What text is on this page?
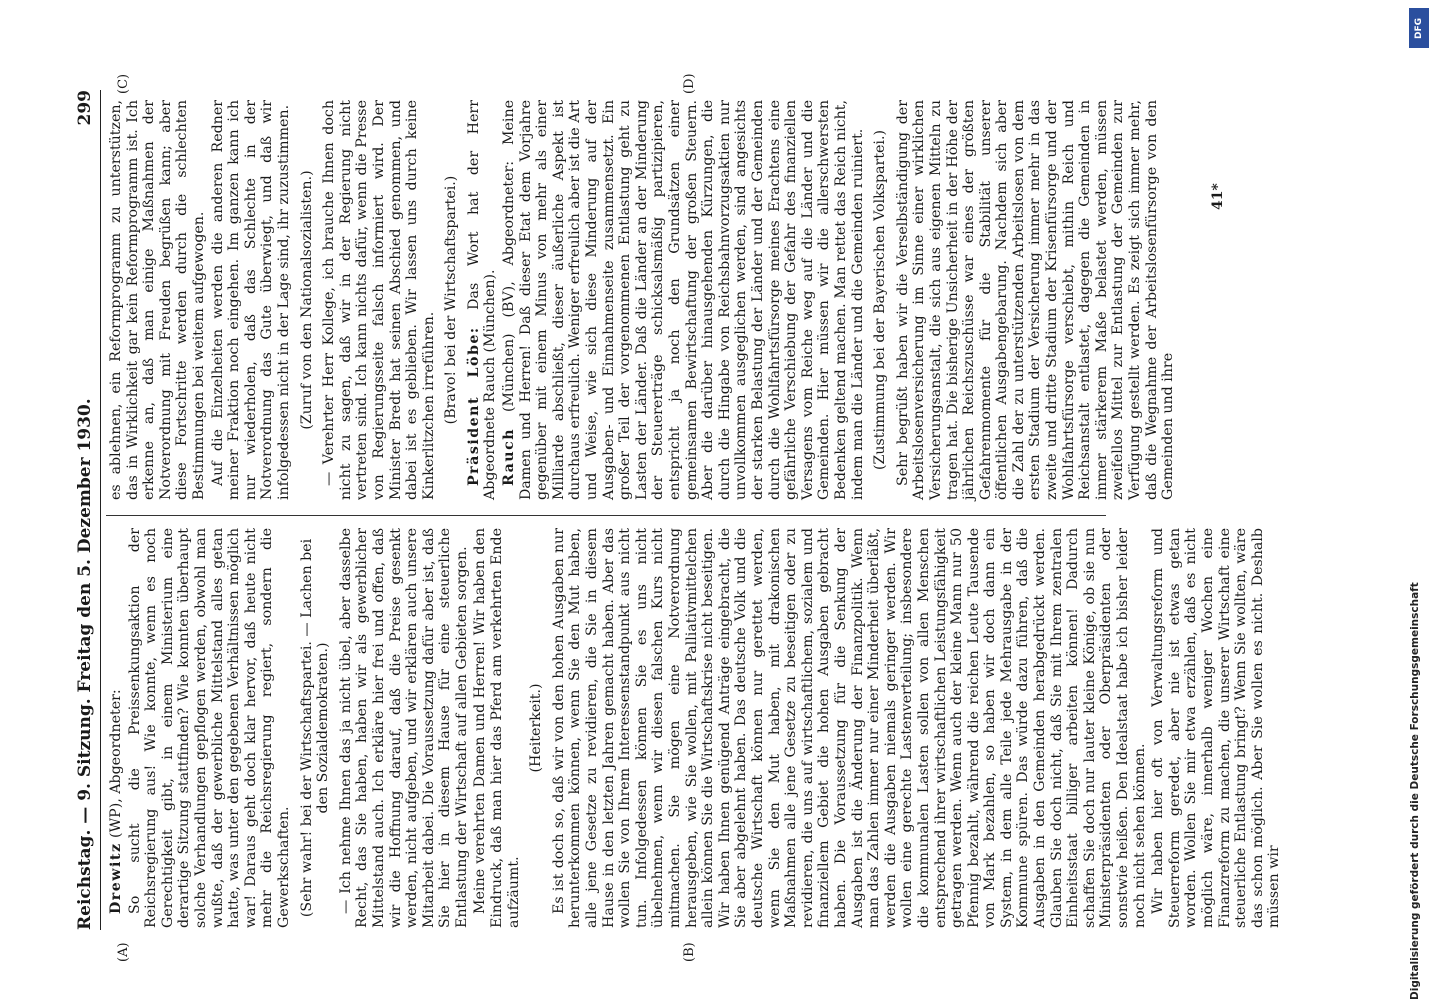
Reichstag. — 9. Sitzung. Freitag den 5. Dezember 1930.
299
(A)	(B)
(C)	(D)

Drewitz (WP), Abgeordneter: So sucht die Preissenkungsaktion der Reichsregierung aus! Wie konnte, wenn es noch Gerechtigkeit gibt, in einem Ministerium eine derartige Sitzung stattfinden? Wie konnten überhaupt solche Verhandlungen gepflogen werden, obwohl man wußte, daß der gewerbliche Mittelstand alles getan hatte, was unter den gegebenen Verhältnissen möglich war! Daraus geht doch klar hervor, daß heute nicht mehr die Reichsregierung regiert, sondern die Gewerkschaften. (Sehr wahr! bei der Wirtschaftspartei. — Lachen bei den Sozialdemokraten.) — Ich nehme Ihnen das ja nicht übel, aber dasselbe Recht, das Sie haben, haben wir als gewerblicher Mittelstand auch. Ich erkläre hier frei und offen, daß wir die Hoffnung darauf, daß die Preise gesenkt werden, nicht aufgeben, und wir erklären auch unsere Mitarbeit dabei. Die Voraussetzung dafür aber ist, daß Sie hier in diesem Hause für eine steuerliche Entlastung der Wirtschaft auf allen Gebieten sorgen. Meine verehrten Damen und Herren! Wir haben den Eindruck, daß man hier das Pferd am verkehrten Ende aufzäumt.

(Heiterkeit.) Es ist doch so, daß wir von den hohen Ausgaben nur herunterkommen können, wenn Sie den Mut haben, alle jene Gesetze zu revidieren, die Sie in diesem Hause in den letzten Jahren gemacht haben. Aber das wollen Sie von Ihrem Interessenstandpunkt aus nicht tun. Infolgedessen können Sie es uns nicht übelnehmen, wenn wir diesen falschen Kurs nicht mitmachen. Sie mögen eine Notverordnung herausgeben, wie Sie wollen, mit Palliativmittelchen allein können Sie die Wirtschaftskrise nicht beseitigen. Wir haben Ihnen genügend Anträge eingebracht, die Sie aber abgelehnt haben. Das deutsche Volk und die deutsche Wirtschaft können nur gerettet werden, wenn Sie den Mut haben, mit drakonischen Maßnahmen alle jene Gesetze zu beseitigen oder zu revidieren, die uns auf wirtschaftlichem, sozialem und finanziellem Gebiet die hohen Ausgaben gebracht haben. Die Voraussetzung für die Senkung der Ausgaben ist die Änderung der Finanzpolitik. Wenn man das Zahlen immer nur einer Minderheit überläßt, werden die Ausgaben niemals geringer werden. Wir wollen eine gerechte Lastenverteilung; insbesondere die kommunalen Lasten sollen von allen Menschen entsprechend ihrer wirtschaftlichen Leistungsfähigkeit getragen werden. Wenn auch der kleine Mann nur 50 Pfennig bezahlt, während die reichen Leute Tausende von Mark bezahlen, so haben wir doch dann ein System, in dem alle Teile jede Mehrausgabe in der Kommune spüren. Das würde dazu führen, daß die Ausgaben in den Gemeinden herabgedrückt werden. Glauben Sie doch nicht, daß Sie mit Ihrem zentralen Einheitsstaat billiger arbeiten können! Dadurch schaffen Sie doch nur lauter kleine Könige, ob sie nun Ministerpräsidenten oder Oberpräsidenten oder sonstwie heißen. Den Idealstaat habe ich bisher leider noch nicht sehen können. Wir haben hier oft von Verwaltungsreform und Steuerreform geredet, aber nie ist etwas getan worden. Wollen Sie mir etwa erzählen, daß es nicht möglich wäre, innerhalb weniger Wochen eine Finanzreform zu machen, die unserer Wirtschaft eine steuerliche Entlastung bringt? Wenn Sie wollten, wäre das schon möglich. Aber Sie wollen es nicht. Deshalb müssen wir

es ablehnen, ein Reformprogramm zu unterstützen, das in Wirklichkeit gar kein Reformprogramm ist. Ich erkenne an, daß man einige Maßnahmen der Notverordnung mit Freuden begrüßen kann; aber diese Fortschritte werden durch die schlechten Bestimmungen bei weitem aufgewogen. Auf die Einzelheiten werden die anderen Redner meiner Fraktion noch eingehen. Im ganzen kann ich nur wiederholen, daß das Schlechte in der Notverordnung das Gute überwiegt, und daß wir infolgedessen nicht in der Lage sind, ihr zuzustimmen. (Zuruf von den Nationalsozialisten.) — Verehrter Herr Kollege, ich brauche Ihnen doch nicht zu sagen, daß wir in der Regierung nicht vertreten sind. Ich kann nichts dafür, wenn die Presse von Regierungsseite falsch informiert wird. Der Minister Bredt hat seinen Abschied genommen, und dabei ist es geblieben. Wir lassen uns durch keine Kinkerlitzchen irreführen. (Bravo! bei der Wirtschaftspartei.) Präsident Löbe: Das Wort hat der Herr Abgeordnete Rauch (München). Rauch (München) (BV), Abgeordneter: Meine Damen und Herren! Daß dieser Etat dem Vorjahre gegenüber mit einem Minus von mehr als einer Milliarde abschließt, dieser äußerliche Aspekt ist durchaus erfreulich. Weniger erfreulich aber ist die Art und Weise, wie sich diese Minderung auf der Ausgaben- und Einnahmenseite zusammensetzt. Ein großer Teil der vorgenommenen Entlastung geht zu Lasten der Länder. Daß die Länder an der Minderung der Steuererträge schicksalsmäßig partizipieren, entspricht ja noch den Grundsätzen einer gemeinsamen Bewirtschaftung der großen Steuern. Aber die darüber hinausgehenden Kürzungen, die durch die Hingabe von Reichsbahnvorzugsaktien nur unvollkommen ausgeglichen werden, sind angesichts der starken Belastung der Länder und der Gemeinden durch die Wohlfahrtsfürsorge meines Erachtens eine gefährliche Verschiebung der Gefahr des finanziellen Versagens vom Reiche weg auf die Länder und die Gemeinden. Hier müssen wir die allerschwersten Bedenken geltend machen. Man rettet das Reich nicht, indem man die Länder und die Gemeinden ruiniert. (Zustimmung bei der Bayerischen Volkspartei.) Sehr begrüßt haben wir die Verselbständigung der Arbeitslosenversicherung im Sinne einer wirklichen Versicherungsanstalt, die sich aus eigenen Mitteln zu tragen hat. Die bisherige Unsicherheit in der Höhe der jährlichen Reichszuschüsse war eines der größten Gefahrenmomente für die Stabilität unserer öffentlichen Ausgabengebarung. Nachdem sich aber die Zahl der zu unterstützenden Arbeitslosen von dem ersten Stadium der Versicherung immer mehr in das zweite und dritte Stadium der Krisenfürsorge und der Wohlfahrtsfürsorge verschiebt, mithin Reich und Reichsanstalt entlastet, dagegen die Gemeinden in immer stärkerem Maße belastet werden, müssen zweifellos Mittel zur Entlastung der Gemeinden zur Verfügung gestellt werden. Es zeigt sich immer mehr, daß die Wegnahme der Arbeitslosenfürsorge von den Gemeinden und ihre

41*
DFG
Digitalisierung gefördert durch die Deutsche Forschungsgemeinschaft
